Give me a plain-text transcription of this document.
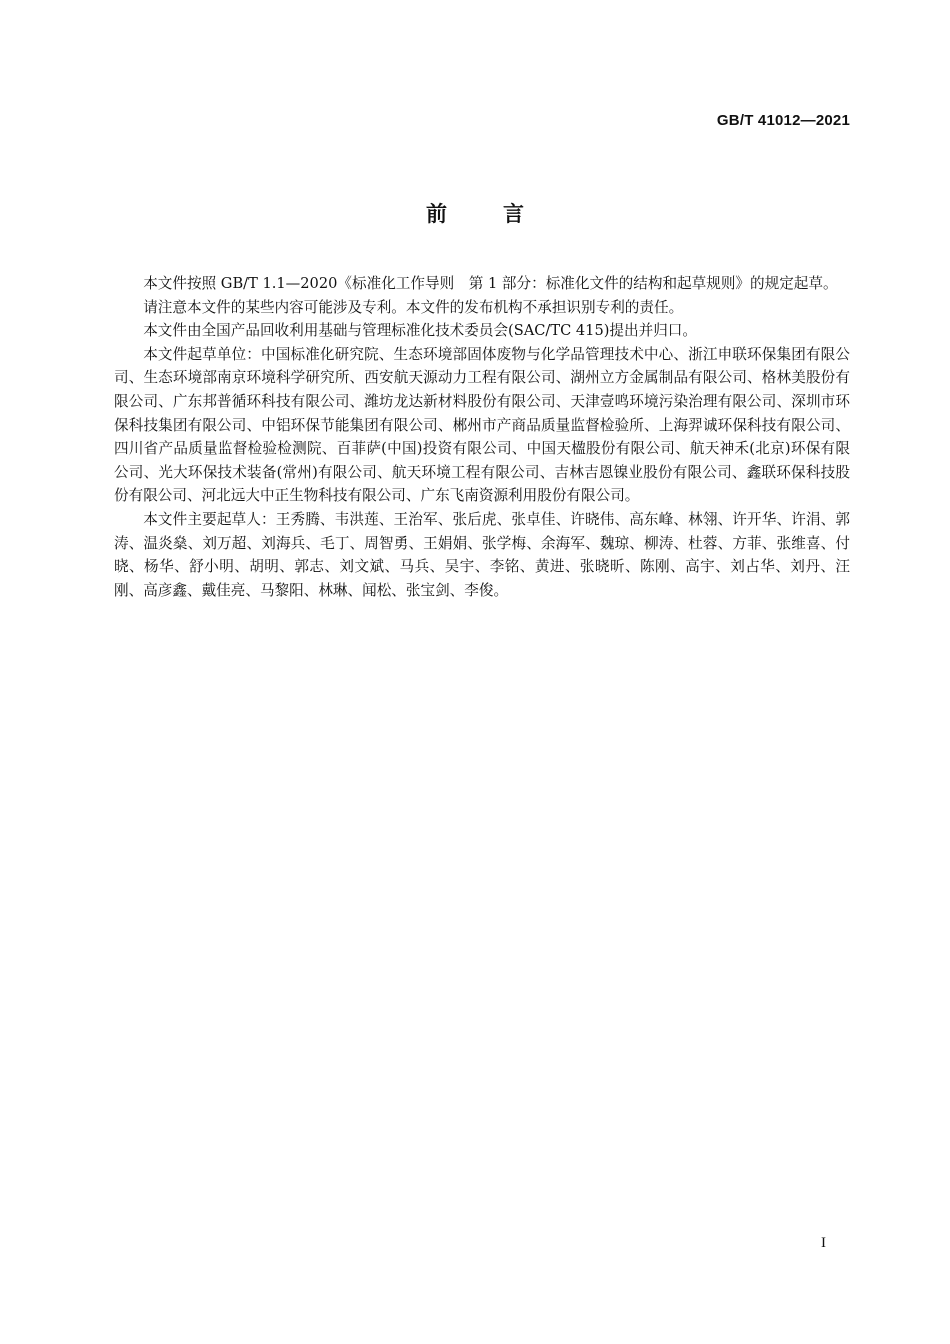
GB/T 41012—2021
前言

本文件按照 GB/T 1.1—2020《标准化工作导则　第 1 部分：标准化文件的结构和起草规则》的规定起草。

请注意本文件的某些内容可能涉及专利。本文件的发布机构不承担识别专利的责任。

本文件由全国产品回收利用基础与管理标准化技术委员会(SAC/TC 415)提出并归口。

本文件起草单位：中国标准化研究院、生态环境部固体废物与化学品管理技术中心、浙江申联环保集团有限公司、生态环境部南京环境科学研究所、西安航天源动力工程有限公司、湖州立方金属制品有限公司、格林美股份有限公司、广东邦普循环科技有限公司、潍坊龙达新材料股份有限公司、天津壹鸣环境污染治理有限公司、深圳市环保科技集团有限公司、中铝环保节能集团有限公司、郴州市产商品质量监督检验所、上海羿诚环保科技有限公司、四川省产品质量监督检验检测院、百菲萨(中国)投资有限公司、中国天楹股份有限公司、航天神禾(北京)环保有限公司、光大环保技术装备(常州)有限公司、航天环境工程有限公司、吉林吉恩镍业股份有限公司、鑫联环保科技股份有限公司、河北远大中正生物科技有限公司、广东飞南资源利用股份有限公司。

本文件主要起草人：王秀腾、韦洪莲、王治军、张后虎、张卓佳、许晓伟、高东峰、林翎、许开华、许涓、郭涛、温炎燊、刘万超、刘海兵、毛丁、周智勇、王娟娟、张学梅、余海军、魏琼、柳涛、杜蓉、方菲、张维喜、付晓、杨华、舒小明、胡明、郭志、刘文斌、马兵、吴宇、李铭、黄进、张晓昕、陈刚、高宇、刘占华、刘丹、汪刚、高彦鑫、戴佳亮、马黎阳、林琳、闻松、张宝剑、李俊。

I
